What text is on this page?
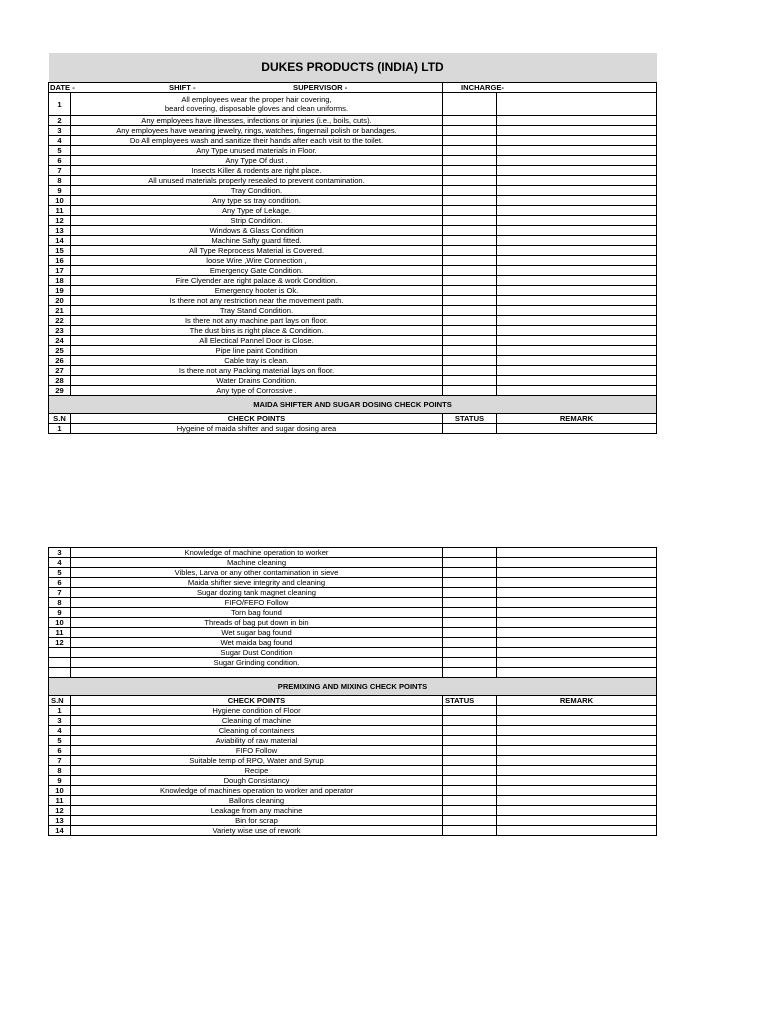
DUKES PRODUCTS (INDIA) LTD			

DATE - SHIFT - SUPERVISOR -		INCHARGE-	

1	All employees wear the proper hair covering,
beard covering, disposable gloves and clean uniforms.		
2	Any employees have illnesses, infections or injuries (i.e., boils, cuts).		
3	Any employees have wearing jewelry, rings, watches, fingernail polish or bandages.		
4	Do All employees wash and sanitize their hands after each visit to the toilet.		
5	Any Type unused materials in Floor.		
6	Any Type Of dust .		
7	Insects Killer & rodents are right place.		
8	All unused materials properly resealed to prevent contamination.		
9	Tray Condition.		
10	Any type ss tray condition.		
11	Any Type of Lekage.		
12	Strip Condition.		
13	Windows & Glass Condition		
14	Machine Safty guard fitted.		
15	All Type Reprocess Material is Covered.		
16	loose Wire ,Wire Connection ,		
17	Emergency Gate Condition.		
18	Fire Clyender are right palace & work Condition.		
19	Emergency hooter is Ok.		
20	Is there not any restriction near the movement path.		
21	Tray Stand Condition.		
22	Is there not any machine part lays on floor.		
23	The dust bins is right place & Condition.		
24	All Electical Pannel Door is Close.		
25	Pipe line paint Condition		
26	Cable tray is clean.		
27	Is there not any Packing material lays on floor.		
28	Water Drains Condition.		
29	Any type of Corrossive .		
MAIDA SHIFTER AND SUGAR DOSING CHECK POINTS			
S.N	CHECK POINTS	STATUS	REMARK
1	Hygeine of maida shifter and sugar dosing area		
3	Knowledge of machine operation to worker		
4	Machine cleaning		
5	Vibles, Larva or any other contamination in sieve		
6	Maida shifter sieve integrity and cleaning		
7	Sugar dozing tank magnet cleaning		
8	FIFO/FEFO Follow		
9	Torn bag found		
10	Threads of bag put down in bin		
11	Wet sugar bag found		
12	Wet maida bag found		
	Sugar Dust Condition		
	Sugar Grinding condition.		

PREMIXING AND MIXING CHECK POINTS			
S.N	CHECK POINTS	STATUS	REMARK
1	Hygiene condition of Floor		
3	Cleaning of machine		
4	Cleaning of containers		
5	Aviability of raw material		
6	FIFO Follow		
7	Suitable temp of RPO, Water and Syrup		
8	Recipe		
9	Dough Consistancy		
10	Knowledge of machines operation to worker and operator		
11	Ballons cleaning		
12	Leakage from any machine		
13	Bin for scrap		
14	Variety wise use of rework		
